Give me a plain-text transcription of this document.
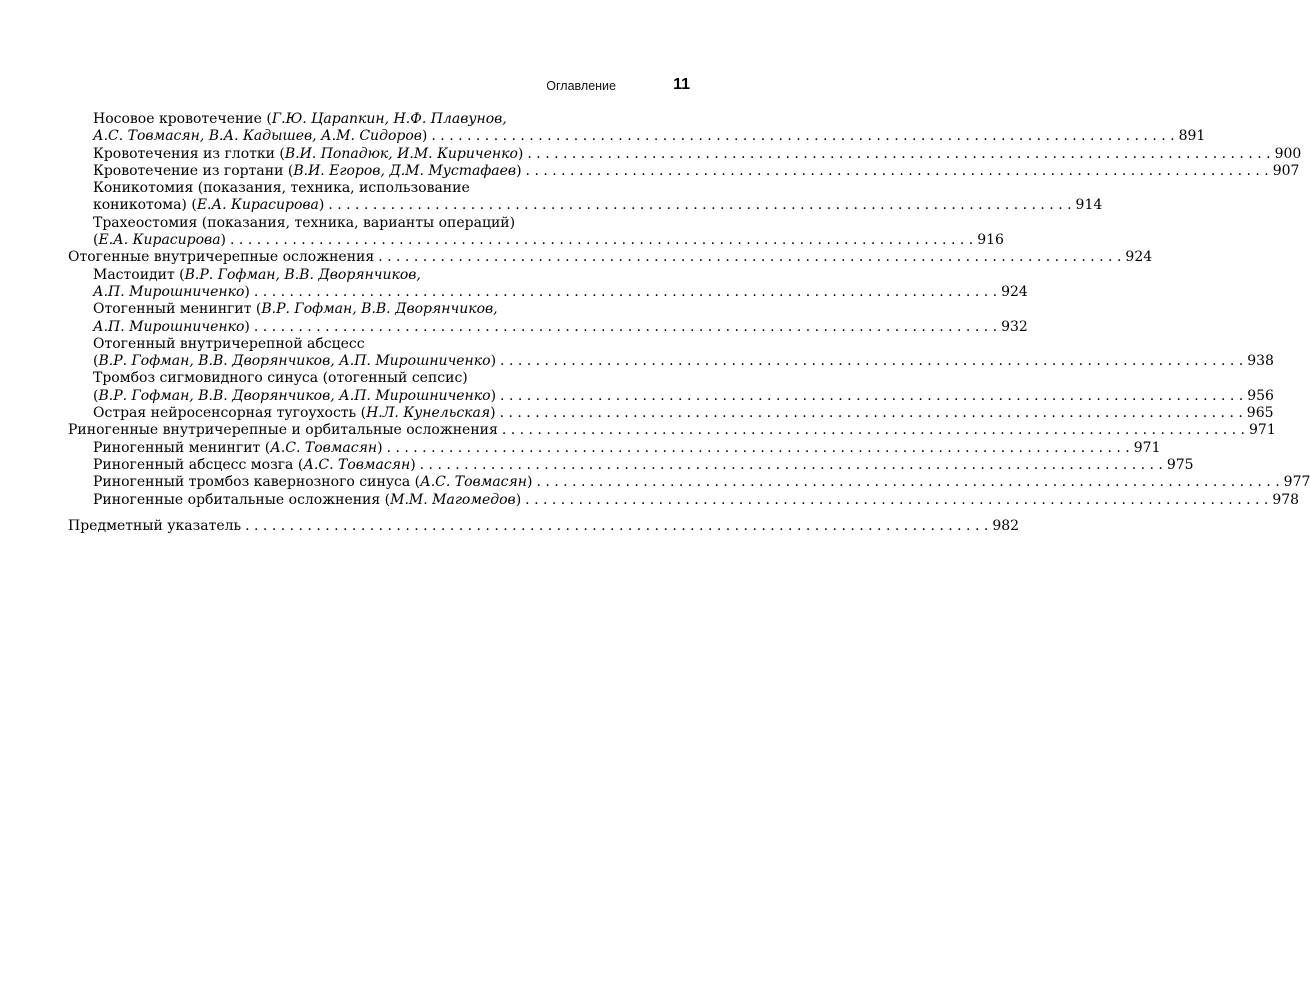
Оглавление	11
Носовое кровотечение (Г.Ю. Царапкин, Н.Ф. Плавунов,
А.С. Товмасян, В.А. Кадышев, А.М. Сидоров) . . .	891
Кровотечения из глотки (В.И. Попадюк, И.М. Кириченко) . . .	900
Кровотечение из гортани (В.И. Егоров, Д.М. Мустафаев) . . .	907
Коникотомия (показания, техника, использование
коникотома) (Е.А. Кирасирова) . . .	914
Трахеостомия (показания, техника, варианты операций)
(Е.А. Кирасирова) . . .	916
Отогенные внутричерепные осложнения . . .	924
Мастоидит (В.Р. Гофман, В.В. Дворянчиков,
А.П. Мирошниченко) . . .	924
Отогенный менингит (В.Р. Гофман, В.В. Дворянчиков,
А.П. Мирошниченко) . . .	932
Отогенный внутричерепной абсцесс
(В.Р. Гофман, В.В. Дворянчиков, А.П. Мирошниченко) . . .	938
Тромбоз сигмовидного синуса (отогенный сепсис)
(В.Р. Гофман, В.В. Дворянчиков, А.П. Мирошниченко) . . .	956
Острая нейросенсорная тугоухость (Н.Л. Кунельская) . . .	965
Риногенные внутричерепные и орбитальные осложнения . . .	971
Риногенный менингит (А.С. Товмасян) . . .	971
Риногенный абсцесс мозга (А.С. Товмасян) . . .	975
Риногенный тромбоз кавернозного синуса (А.С. Товмасян) . . .	977
Риногенные орбитальные осложнения (М.М. Магомедов) . . .	978
Предметный указатель . . .	982
